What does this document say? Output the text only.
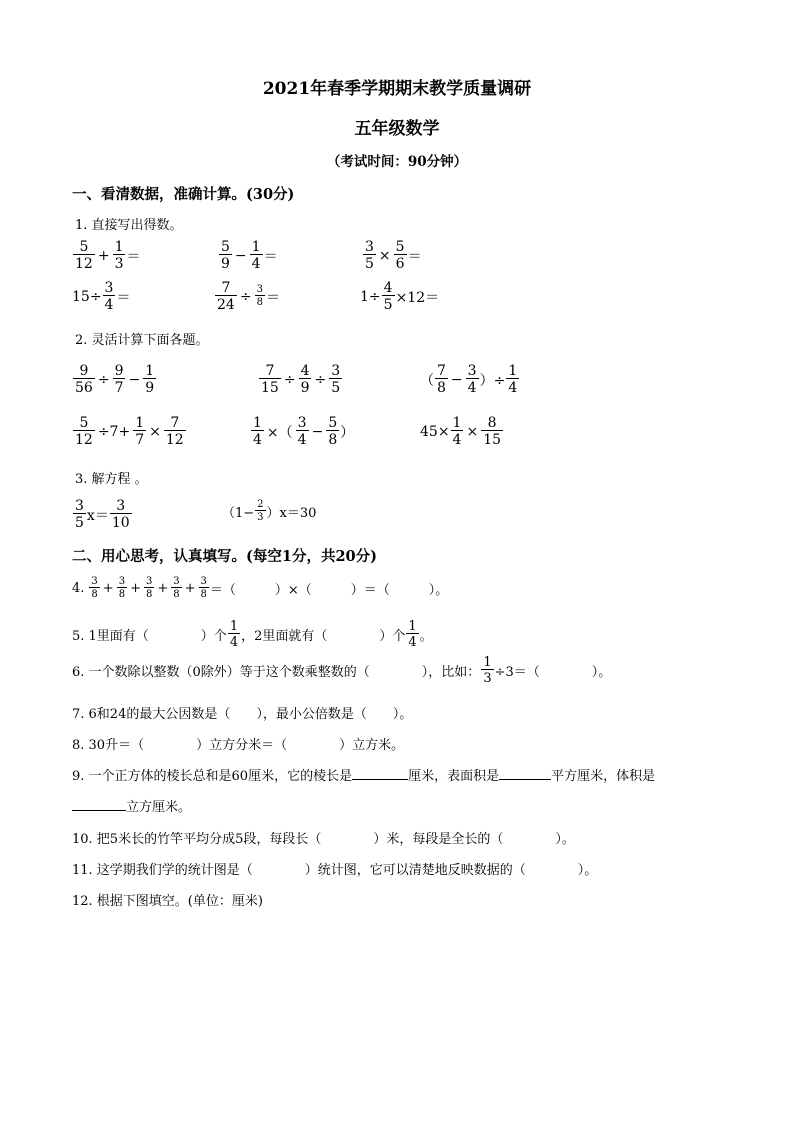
2021年春季学期期末教学质量调研
五年级数学
（考试时间：90分钟）
一、看清数据，准确计算。(30分)
1. 直接写出得数。
$\frac{5}{12} + \frac{1}{3}$ ＝	$\frac{5}{9} - \frac{1}{4}$ ＝	$\frac{3}{5} \times \frac{5}{6}$ ＝
$15\div \frac{3}{4}$ ＝	$\frac{7}{24} \div \frac{3}{8}$ ＝	$1\div \frac{4}{5} \times 12=$
2. 灵活计算下面各题。
$\frac{9}{56} \div \frac{9}{7} - \frac{1}{9}$	$\frac{7}{15} \div \frac{4}{9} \div \frac{3}{5}$	（ $\frac{7}{8} - \frac{3}{4}$ ）÷ $\frac{1}{4}$
$\frac{5}{12} \div 7+ \frac{1}{7} \times \frac{7}{12}$	$\frac{1}{4}$ ×（ $\frac{3}{4} - \frac{5}{8}$ ）	$45\times \frac{1}{4} \times \frac{8}{15}$
3. 解方程 。
$\frac{3}{5} x= \frac{3}{10}$	$(1- \frac{2}{3} )x=30$
二、用心思考，认真填写。(每空1分，共20分)
4. $\frac{3}{8} + \frac{3}{8} + \frac{3}{8} + \frac{3}{8} + \frac{3}{8}$ ＝（　　　）×（　　　）＝（　　　）。
5. 1里面有（　　　　）个 $\frac{1}{4}$ ，2里面就有（　　　　）个 $\frac{1}{4}$ 。
6. 一个数除以整数（0除外）等于这个数乘整数的（　　　　），比如： $\frac{1}{3} \div 3=$（　　　　）。
7. 6和24的最大公因数是（　　），最小公倍数是（　　）。
8. 30升＝（　　　　）立方分米＝（　　　　）立方米。
9. 一个正方体的棱长总和是60厘米，它的棱长是	厘米，表面积是	平方厘米，体积是
立方厘米。
10. 把5米长的竹竿平均分成5段，每段长（　　　　）米，每段是全长的（　　　　）。
11. 这学期我们学的统计图是（　　　　）统计图，它可以清楚地反映数据的（　　　　）。
12. 根据下图填空。(单位：厘米)
